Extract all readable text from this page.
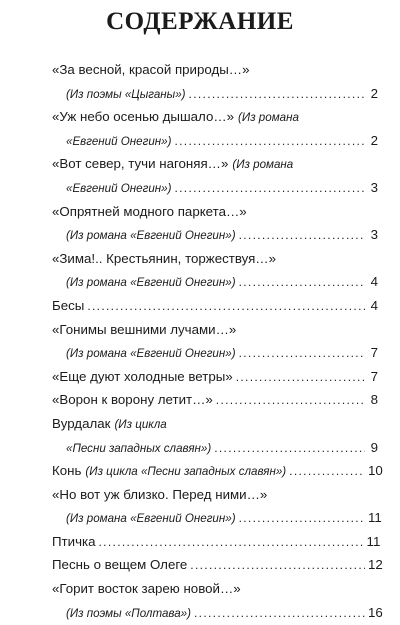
СОДЕРЖАНИЕ
«За весной, красой природы…»
(Из поэмы «Цыганы») . . .	2
«Уж небо осенью дышало…» (Из романа
«Евгений Онегин») . . .	2
«Вот север, тучи нагоняя…» (Из романа
«Евгений Онегин») . . .	3
«Опрятней модного паркета…»
(Из романа «Евгений Онегин») . . .	3
«Зима!.. Крестьянин, торжествуя…»
(Из романа «Евгений Онегин») . . .	4
Бесы . . .	4
«Гонимы вешними лучами…»
(Из романа «Евгений Онегин») . . .	7
«Еще дуют холодные ветры» . . .	7
«Ворон к ворону летит…» . . .	8
Вурдалак (Из цикла
«Песни западных славян») . . .	9
Конь (Из цикла «Песни западных славян») . . .	10
«Но вот уж близко. Перед ними…»
(Из романа «Евгений Онегин») . . .	11
Птичка . . .	11
Песнь о вещем Олеге . . .	12
«Горит восток зарею новой…»
(Из поэмы «Полтава») . . .	16
